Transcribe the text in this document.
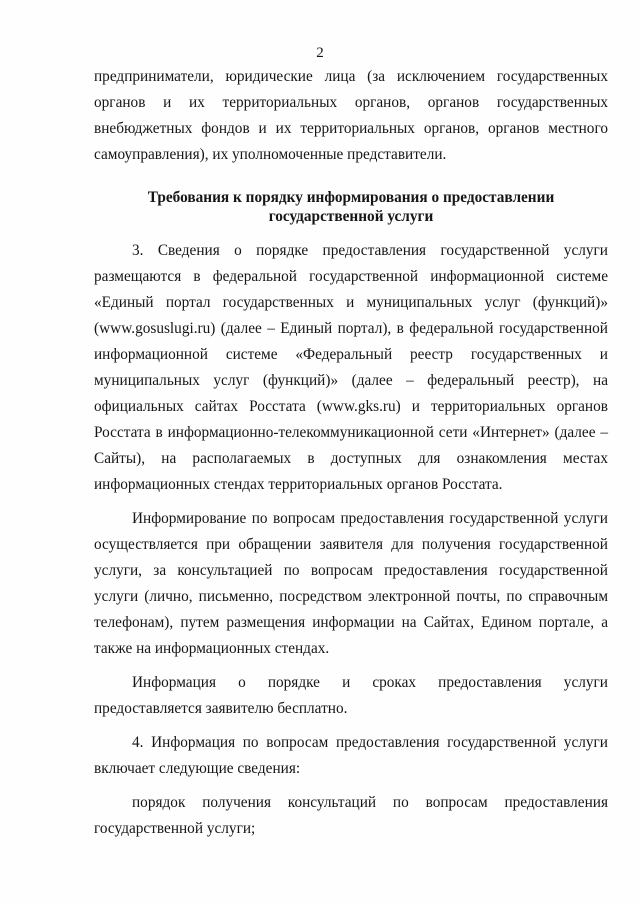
2

предприниматели, юридические лица (за исключением государственных органов и их территориальных органов, органов государственных внебюджетных фондов и их территориальных органов, органов местного самоуправления), их уполномоченные представители.

Требования к порядку информирования о предоставлении
государственной услуги

3. Сведения о порядке предоставления государственной услуги размещаются в федеральной государственной информационной системе «Единый портал государственных и муниципальных услуг (функций)» (www.gosuslugi.ru) (далее – Единый портал), в федеральной государственной информационной системе «Федеральный реестр государственных и муниципальных услуг (функций)» (далее – федеральный реестр), на официальных сайтах Росстата (www.gks.ru) и территориальных органов Росстата в информационно-телекоммуникационной сети «Интернет» (далее – Сайты), на располагаемых в доступных для ознакомления местах информационных стендах территориальных органов Росстата.

Информирование по вопросам предоставления государственной услуги осуществляется при обращении заявителя для получения государственной услуги, за консультацией по вопросам предоставления государственной услуги (лично, письменно, посредством электронной почты, по справочным телефонам), путем размещения информации на Сайтах, Едином портале, а также на информационных стендах.

Информация о порядке и сроках предоставления услуги предоставляется заявителю бесплатно.

4. Информация по вопросам предоставления государственной услуги включает следующие сведения:

порядок получения консультаций по вопросам предоставления государственной услуги;
